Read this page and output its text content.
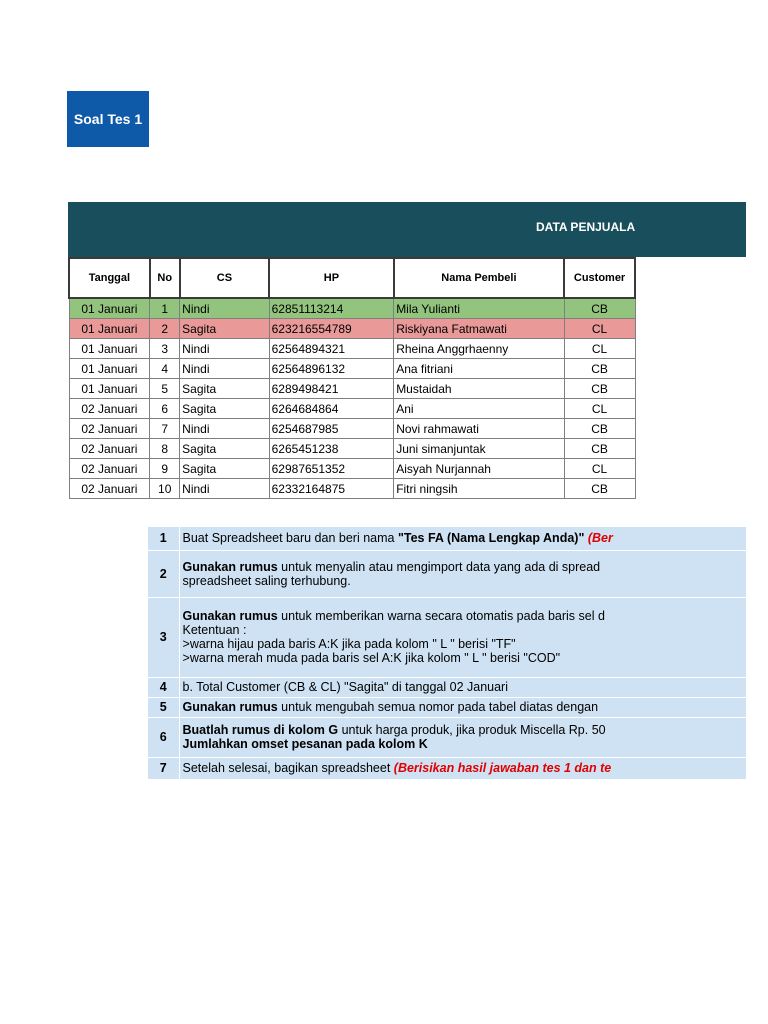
Soal Tes 1
DATA PENJUALA
Tanggal	No	CS	HP	Nama Pembeli	Customer
01 Januari	1	Nindi	62851113214	Mila Yulianti	CB
01 Januari	2	Sagita	623216554789	Riskiyana Fatmawati	CL
01 Januari	3	Nindi	62564894321	Rheina Anggrhaenny	CL
01 Januari	4	Nindi	62564896132	Ana fitriani	CB
01 Januari	5	Sagita	6289498421	Mustaidah	CB
02 Januari	6	Sagita	6264684864	Ani	CL
02 Januari	7	Nindi	6254687985	Novi rahmawati	CB
02 Januari	8	Sagita	6265451238	Juni simanjuntak	CB
02 Januari	9	Sagita	62987651352	Aisyah Nurjannah	CL
02 Januari	10	Nindi	62332164875	Fitri ningsih	CB
1	Buat Spreadsheet baru dan beri nama "Tes FA (Nama Lengkap Anda)" (Ber

2	Gunakan rumus untuk menyalin atau mengimport data yang ada di spread
spreadsheet saling terhubung.

3	Gunakan rumus untuk memberikan warna secara otomatis pada baris sel d
Ketentuan :
>warna hijau pada baris A:K jika pada kolom " L " berisi "TF"
>warna merah muda pada baris sel A:K jika kolom " L " berisi "COD"

4	b. Total Customer (CB & CL) "Sagita" di tanggal 02 Januari

5	Gunakan rumus untuk mengubah semua nomor pada tabel diatas dengan

6	Buatlah rumus di kolom G untuk harga produk, jika produk Miscella Rp. 50
Jumlahkan omset pesanan pada kolom K

7	Setelah selesai, bagikan spreadsheet (Berisikan hasil jawaban tes 1 dan te
